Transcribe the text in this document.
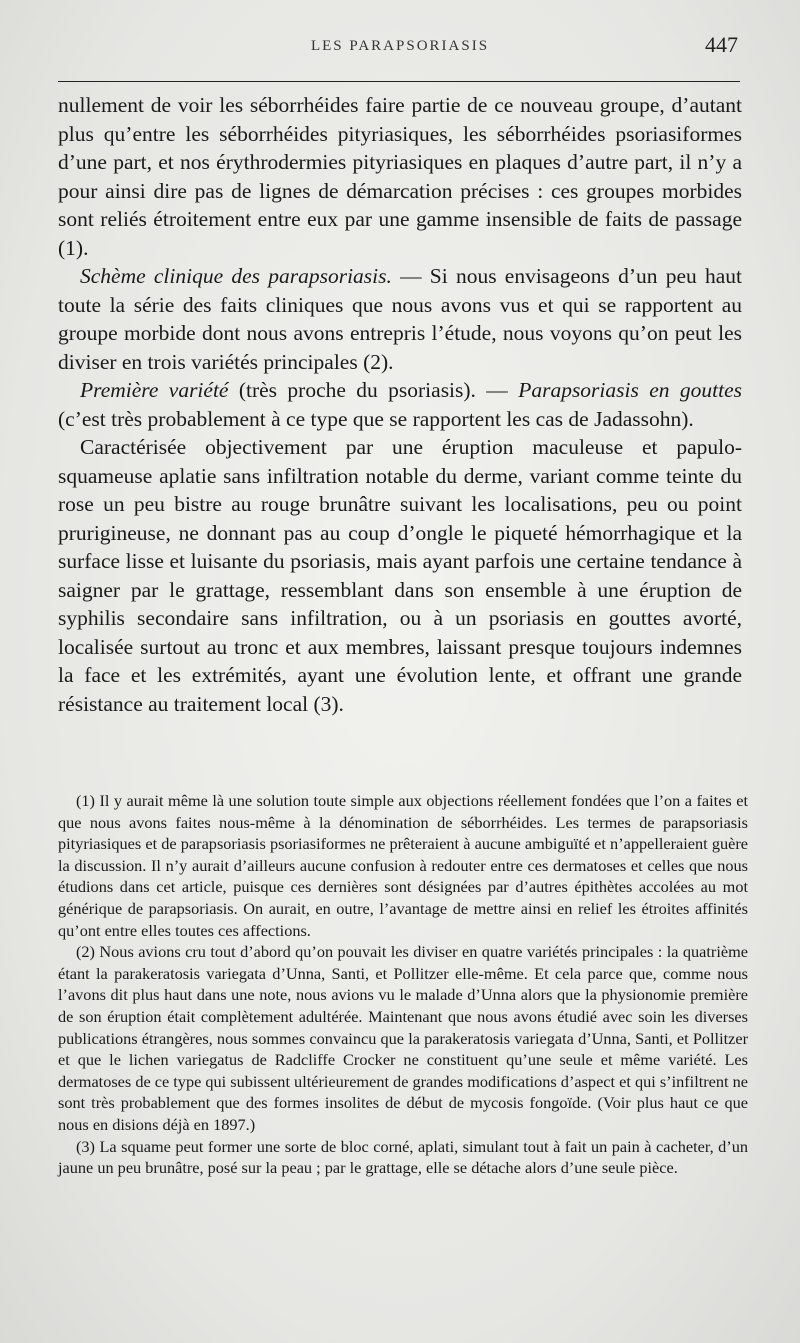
LES PARAPSORIASIS	447

nullement de voir les séborrhéides faire partie de ce nouveau groupe, d’autant plus qu’entre les séborrhéides pityriasiques, les séborrhéides psoriasiformes d’une part, et nos érythrodermies pityriasiques en plaques d’autre part, il n’y a pour ainsi dire pas de lignes de démarcation précises : ces groupes morbides sont reliés étroitement entre eux par une gamme insensible de faits de passage (1).

Schème clinique des parapsoriasis. — Si nous envisageons d’un peu haut toute la série des faits cliniques que nous avons vus et qui se rapportent au groupe morbide dont nous avons entrepris l’étude, nous voyons qu’on peut les diviser en trois variétés principales (2).

Première variété (très proche du psoriasis). — Parapsoriasis en gouttes (c’est très probablement à ce type que se rapportent les cas de Jadassohn).

Caractérisée objectivement par une éruption maculeuse et papulo-squameuse aplatie sans infiltration notable du derme, variant comme teinte du rose un peu bistre au rouge brunâtre suivant les localisations, peu ou point prurigineuse, ne donnant pas au coup d’ongle le piqueté hémorrhagique et la surface lisse et luisante du psoriasis, mais ayant parfois une certaine tendance à saigner par le grattage, ressemblant dans son ensemble à une éruption de syphilis secondaire sans infiltration, ou à un psoriasis en gouttes avorté, localisée surtout au tronc et aux membres, laissant presque toujours indemnes la face et les extrémités, ayant une évolution lente, et offrant une grande résistance au traitement local (3).

(1) Il y aurait même là une solution toute simple aux objections réellement fondées que l’on a faites et que nous avons faites nous-même à la dénomination de séborrhéides. Les termes de parapsoriasis pityriasiques et de parapsoriasis psoriasiformes ne prêteraient à aucune ambiguïté et n’appelleraient guère la discussion. Il n’y aurait d’ailleurs aucune confusion à redouter entre ces dermatoses et celles que nous étudions dans cet article, puisque ces dernières sont désignées par d’autres épithètes accolées au mot générique de parapsoriasis. On aurait, en outre, l’avantage de mettre ainsi en relief les étroites affinités qu’ont entre elles toutes ces affections.

(2) Nous avions cru tout d’abord qu’on pouvait les diviser en quatre variétés principales : la quatrième étant la parakeratosis variegata d’Unna, Santi, et Pollitzer elle-même. Et cela parce que, comme nous l’avons dit plus haut dans une note, nous avions vu le malade d’Unna alors que la physionomie première de son éruption était complètement adultérée. Maintenant que nous avons étudié avec soin les diverses publications étrangères, nous sommes convaincu que la parakeratosis variegata d’Unna, Santi, et Pollitzer et que le lichen variegatus de Radcliffe Crocker ne constituent qu’une seule et même variété. Les dermatoses de ce type qui subissent ultérieurement de grandes modifications d’aspect et qui s’infiltrent ne sont très probablement que des formes insolites de début de mycosis fongoïde. (Voir plus haut ce que nous en disions déjà en 1897.)

(3) La squame peut former une sorte de bloc corné, aplati, simulant tout à fait un pain à cacheter, d’un jaune un peu brunâtre, posé sur la peau ; par le grattage, elle se détache alors d’une seule pièce.
